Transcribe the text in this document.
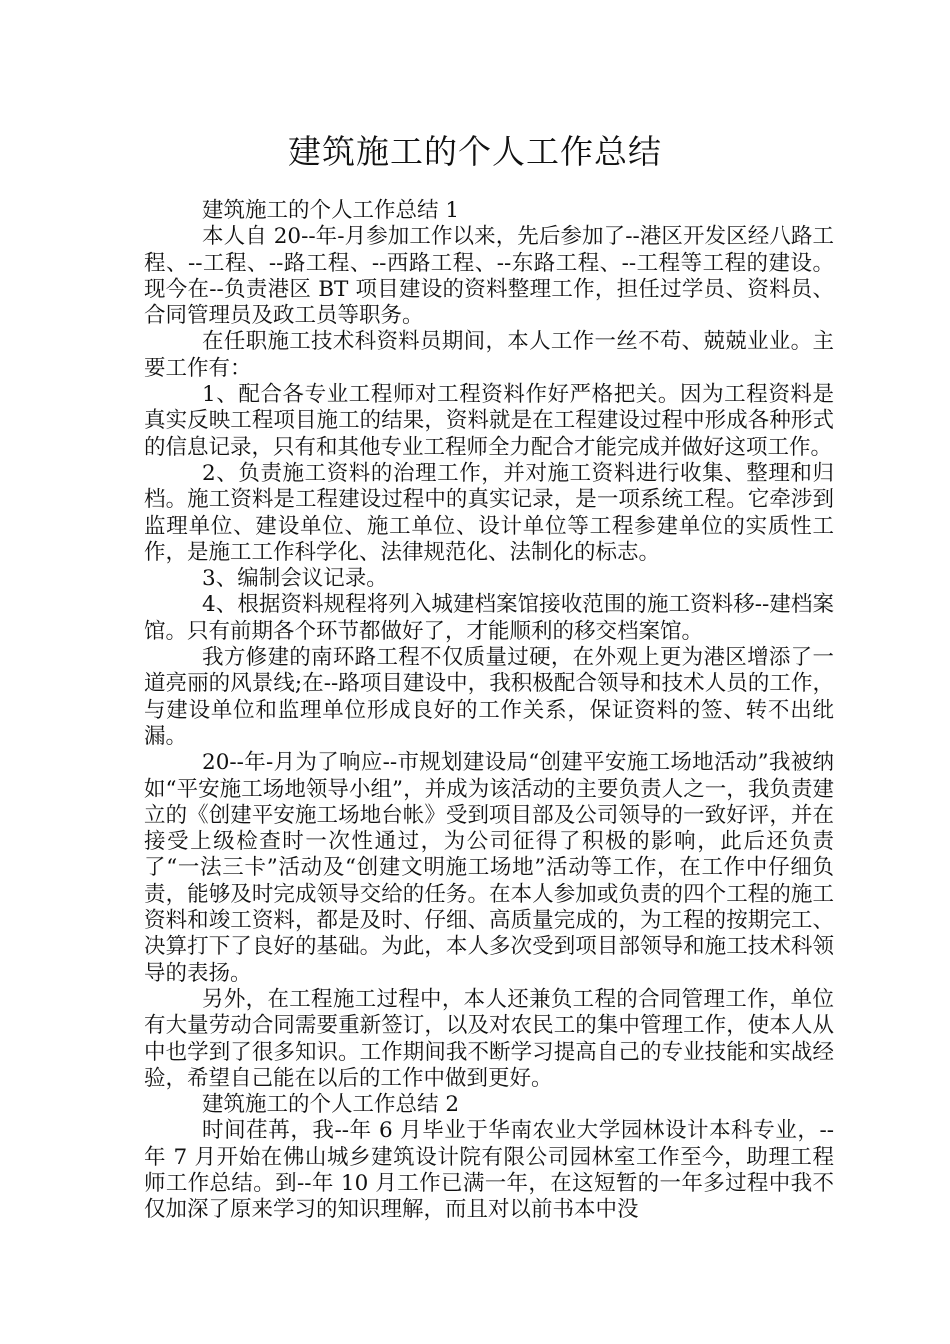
建筑施工的个人工作总结

建筑施工的个人工作总结 1

本人自 20--年-月参加工作以来，先后参加了--港区开发区经八路工程、--工程、--路工程、--西路工程、--东路工程、--工程等工程的建设。现今在--负责港区 BT 项目建设的资料整理工作，担任过学员、资料员、合同管理员及政工员等职务。

在任职施工技术科资料员期间，本人工作一丝不苟、兢兢业业。主要工作有：

1、配合各专业工程师对工程资料作好严格把关。因为工程资料是真实反映工程项目施工的结果，资料就是在工程建设过程中形成各种形式的信息记录，只有和其他专业工程师全力配合才能完成并做好这项工作。

2、负责施工资料的治理工作，并对施工资料进行收集、整理和归档。施工资料是工程建设过程中的真实记录，是一项系统工程。它牵涉到监理单位、建设单位、施工单位、设计单位等工程参建单位的实质性工作，是施工工作科学化、法律规范化、法制化的标志。

3、编制会议记录。

4、根据资料规程将列入城建档案馆接收范围的施工资料移--建档案馆。只有前期各个环节都做好了，才能顺利的移交档案馆。

我方修建的南环路工程不仅质量过硬，在外观上更为港区增添了一道亮丽的风景线;在--路项目建设中，我积极配合领导和技术人员的工作，与建设单位和监理单位形成良好的工作关系，保证资料的签、转不出纰漏。

20--年-月为了响应--市规划建设局“创建平安施工场地活动”我被纳如“平安施工场地领导小组”，并成为该活动的主要负责人之一，我负责建立的《创建平安施工场地台帐》受到项目部及公司领导的一致好评，并在接受上级检查时一次性通过，为公司征得了积极的影响，此后还负责了“一法三卡”活动及“创建文明施工场地”活动等工作，在工作中仔细负责，能够及时完成领导交给的任务。在本人参加或负责的四个工程的施工资料和竣工资料，都是及时、仔细、高质量完成的，为工程的按期完工、决算打下了良好的基础。为此，本人多次受到项目部领导和施工技术科领导的表扬。

另外，在工程施工过程中，本人还兼负工程的合同管理工作，单位有大量劳动合同需要重新签订，以及对农民工的集中管理工作，使本人从中也学到了很多知识。工作期间我不断学习提高自己的专业技能和实战经验，希望自己能在以后的工作中做到更好。

建筑施工的个人工作总结 2

时间荏苒，我--年 6 月毕业于华南农业大学园林设计本科专业，--年 7 月开始在佛山城乡建筑设计院有限公司园林室工作至今，助理工程师工作总结。到--年 10 月工作已满一年，在这短暂的一年多过程中我不仅加深了原来学习的知识理解，而且对以前书本中没
